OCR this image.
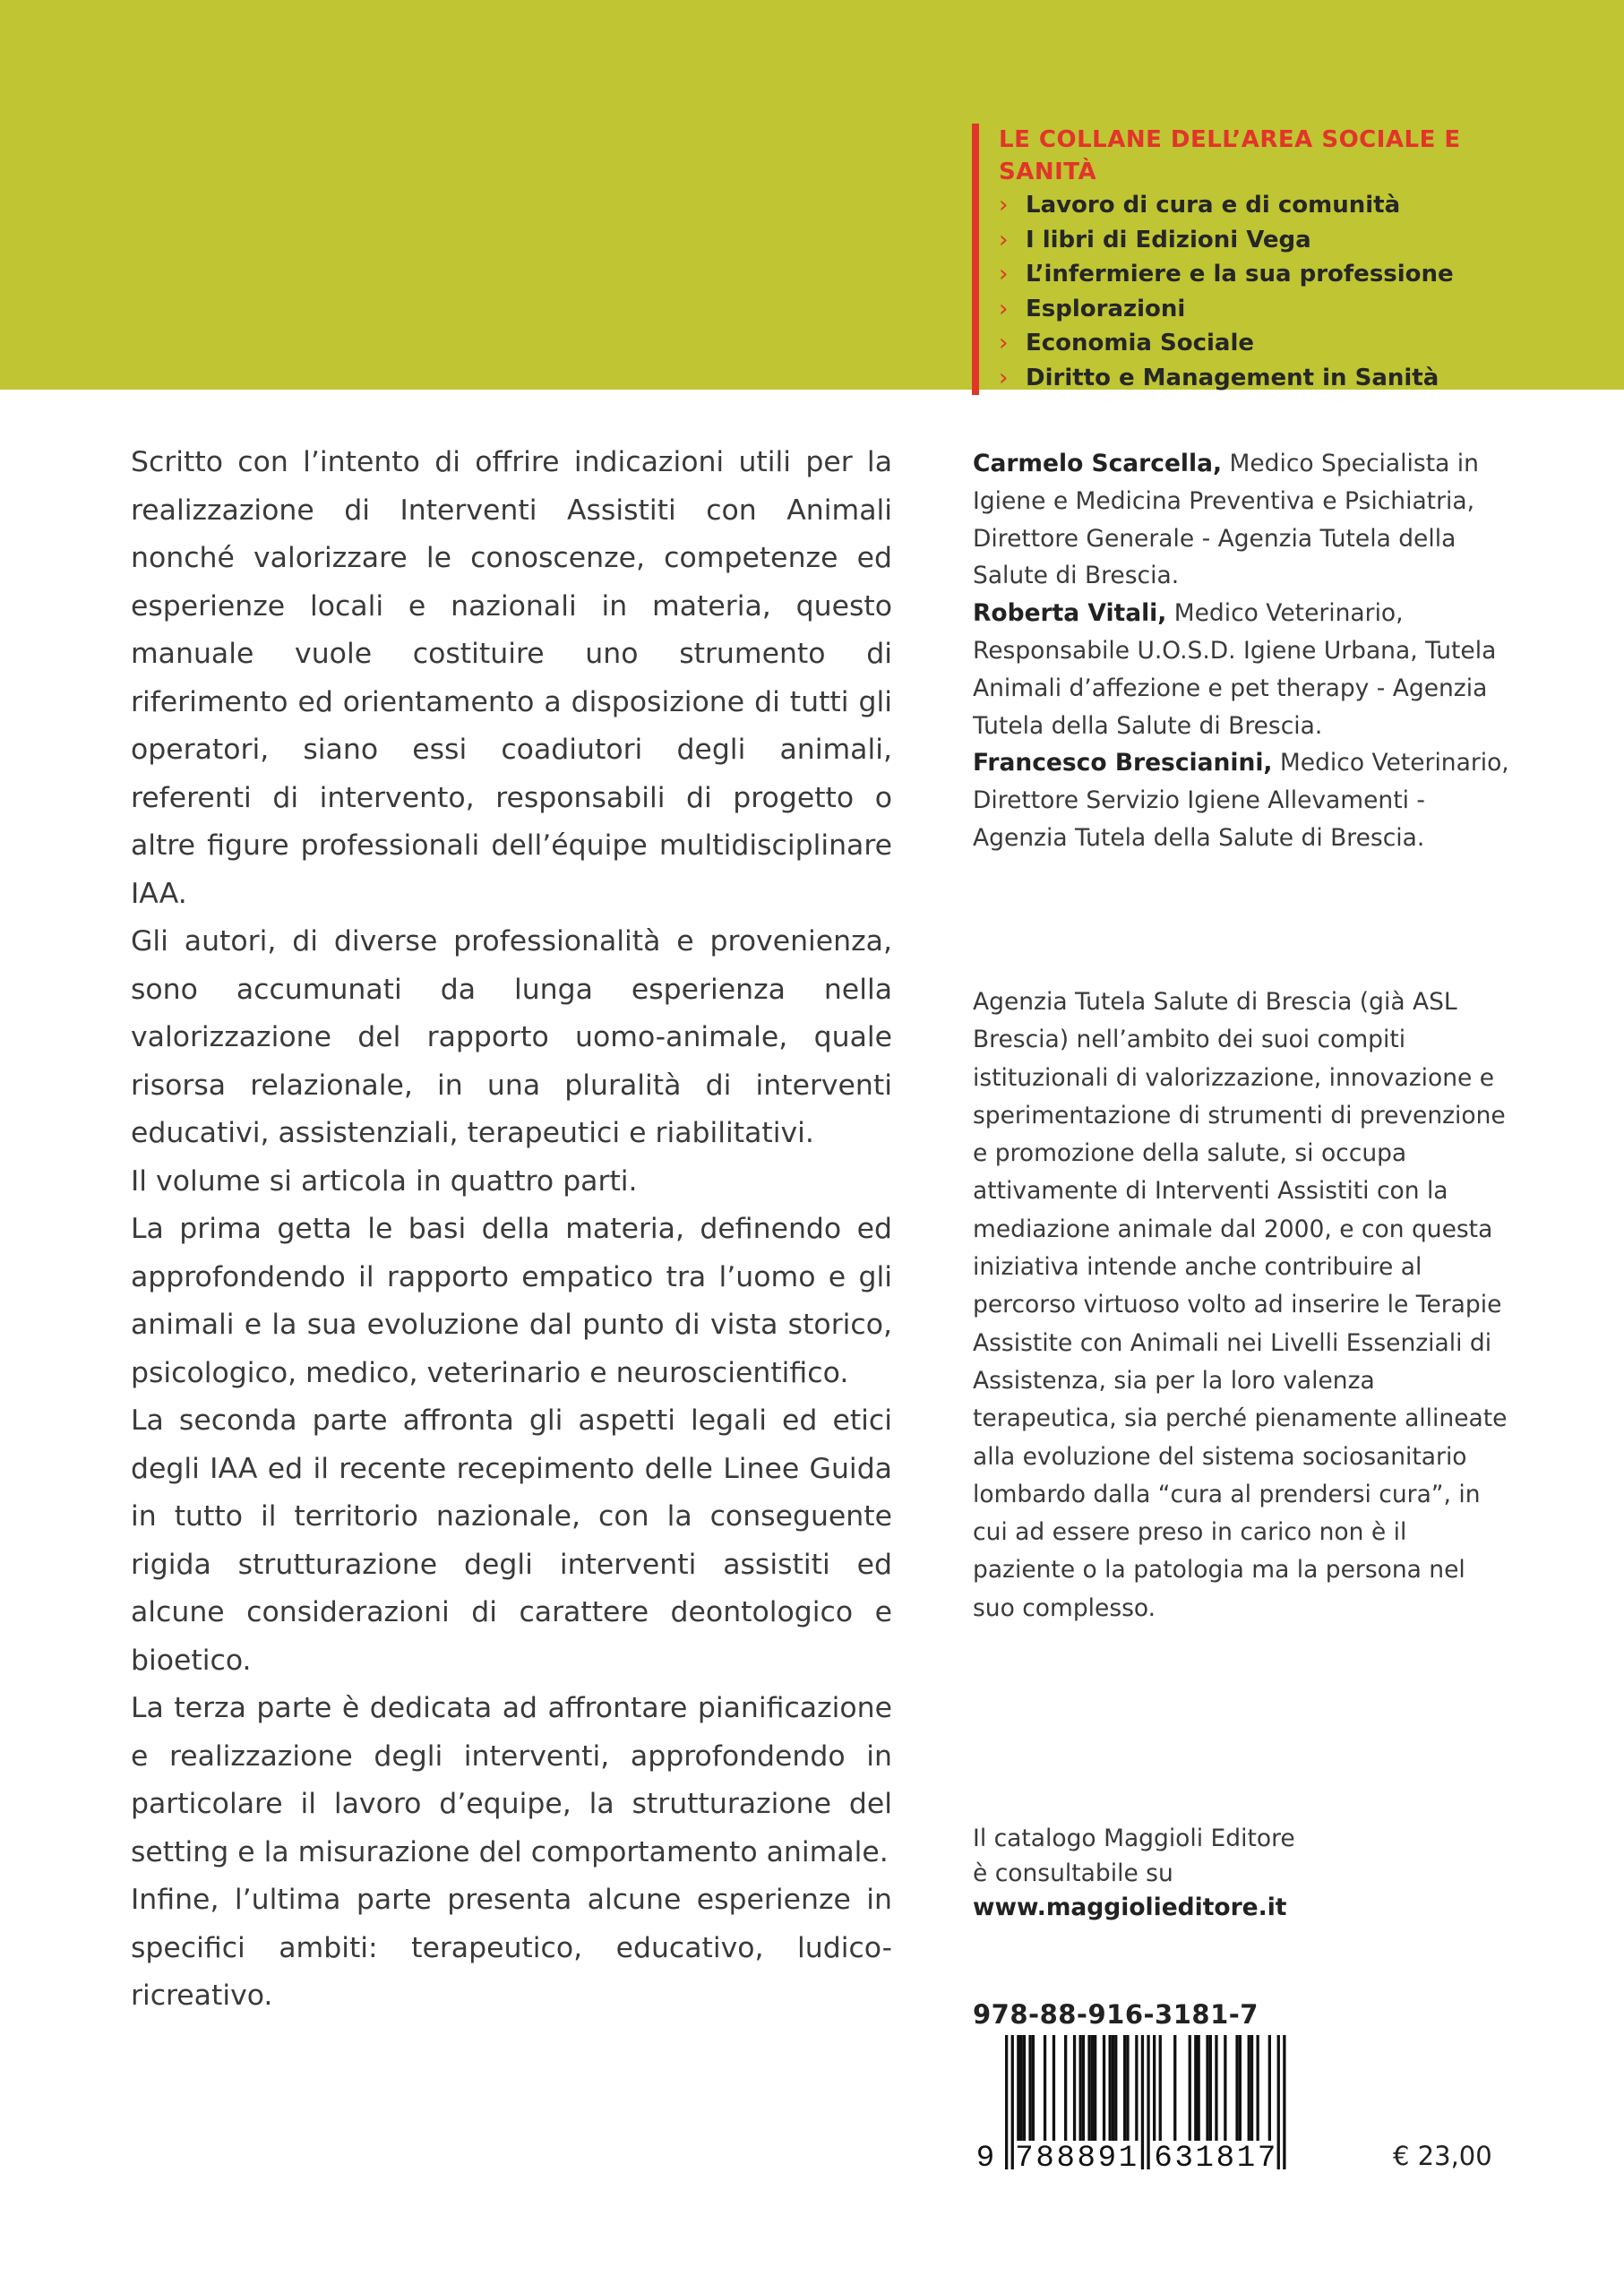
LE COLLANE DELL’AREA SOCIALE E SANITÀ
› Lavoro di cura e di comunità
› I libri di Edizioni Vega
› L’infermiere e la sua professione
› Esplorazioni
› Economia Sociale
› Diritto e Management in Sanità

Scritto con l’intento di offrire indicazioni utili per la realizzazione di Interventi Assistiti con Animali nonché valorizzare le conoscenze, competenze ed esperienze locali e nazionali in materia, questo manuale vuole costituire uno strumento di riferimento ed orientamento a disposizione di tutti gli operatori, siano essi coadiutori degli animali, referenti di intervento, responsabili di progetto o altre figure professionali dell’équipe multidisciplinare IAA.

Gli autori, di diverse professionalità e provenienza, sono accumunati da lunga esperienza nella valorizzazione del rapporto uomo-animale, quale risorsa relazionale, in una pluralità di interventi educativi, assistenziali, terapeutici e riabilitativi.

Il volume si articola in quattro parti.

La prima getta le basi della materia, definendo ed approfondendo il rapporto empatico tra l’uomo e gli animali e la sua evoluzione dal punto di vista storico, psicologico, medico, veterinario e neuroscientifico.

La seconda parte affronta gli aspetti legali ed etici degli IAA ed il recente recepimento delle Linee Guida in tutto il territorio nazionale, con la conseguente rigida strutturazione degli interventi assistiti ed alcune considerazioni di carattere deontologico e bioetico.

La terza parte è dedicata ad affrontare pianificazione e realizzazione degli interventi, approfondendo in particolare il lavoro d’equipe, la strutturazione del setting e la misurazione del comportamento animale.

Infine, l’ultima parte presenta alcune esperienze in specifici ambiti: terapeutico, educativo, ludico-ricreativo.

Carmelo Scarcella, Medico Specialista in Igiene e Medicina Preventiva e Psichiatria, Direttore Generale - Agenzia Tutela della Salute di Brescia.

Roberta Vitali, Medico Veterinario, Responsabile U.O.S.D. Igiene Urbana, Tutela Animali d’affezione e pet therapy - Agenzia Tutela della Salute di Brescia.

Francesco Brescianini, Medico Veterinario, Direttore Servizio Igiene Allevamenti - Agenzia Tutela della Salute di Brescia.

Agenzia Tutela Salute di Brescia (già ASL Brescia) nell’ambito dei suoi compiti istituzionali di valorizzazione, innovazione e sperimentazione di strumenti di prevenzione e promozione della salute, si occupa attivamente di Interventi Assistiti con la mediazione animale dal 2000, e con questa iniziativa intende anche contribuire al percorso virtuoso volto ad inserire le Terapie Assistite con Animali nei Livelli Essenziali di Assistenza, sia per la loro valenza terapeutica, sia perché pienamente allineate alla evoluzione del sistema sociosanitario lombardo dalla “cura al prendersi cura”, in cui ad essere preso in carico non è il paziente o la patologia ma la persona nel suo complesso.
Il catalogo Maggioli Editore
è consultabile su
www.maggiolieditore.it
978-88-916-3181-7
9 7 8 8 8 9 1 6 3 1 8 1 7	€ 23,00
